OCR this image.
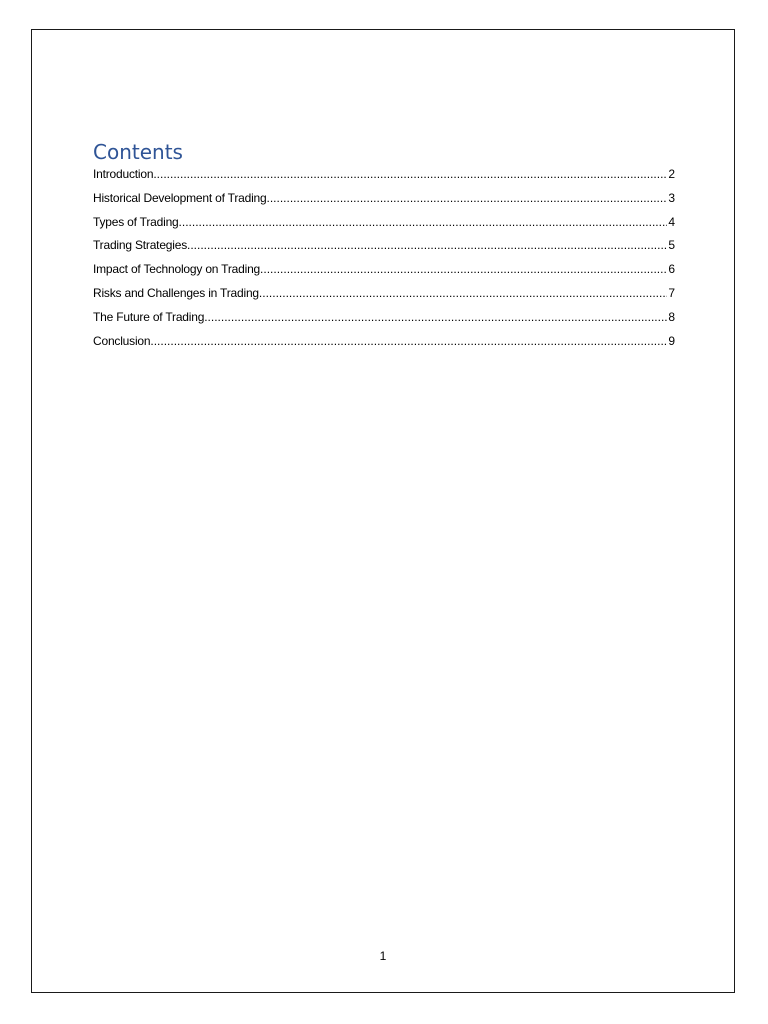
Contents
Introduction .....	2
Historical Development of Trading .....	3
Types of Trading .....	4
Trading Strategies .....	5
Impact of Technology on Trading .....	6
Risks and Challenges in Trading .....	7
The Future of Trading .....	8
Conclusion .....	9
1
